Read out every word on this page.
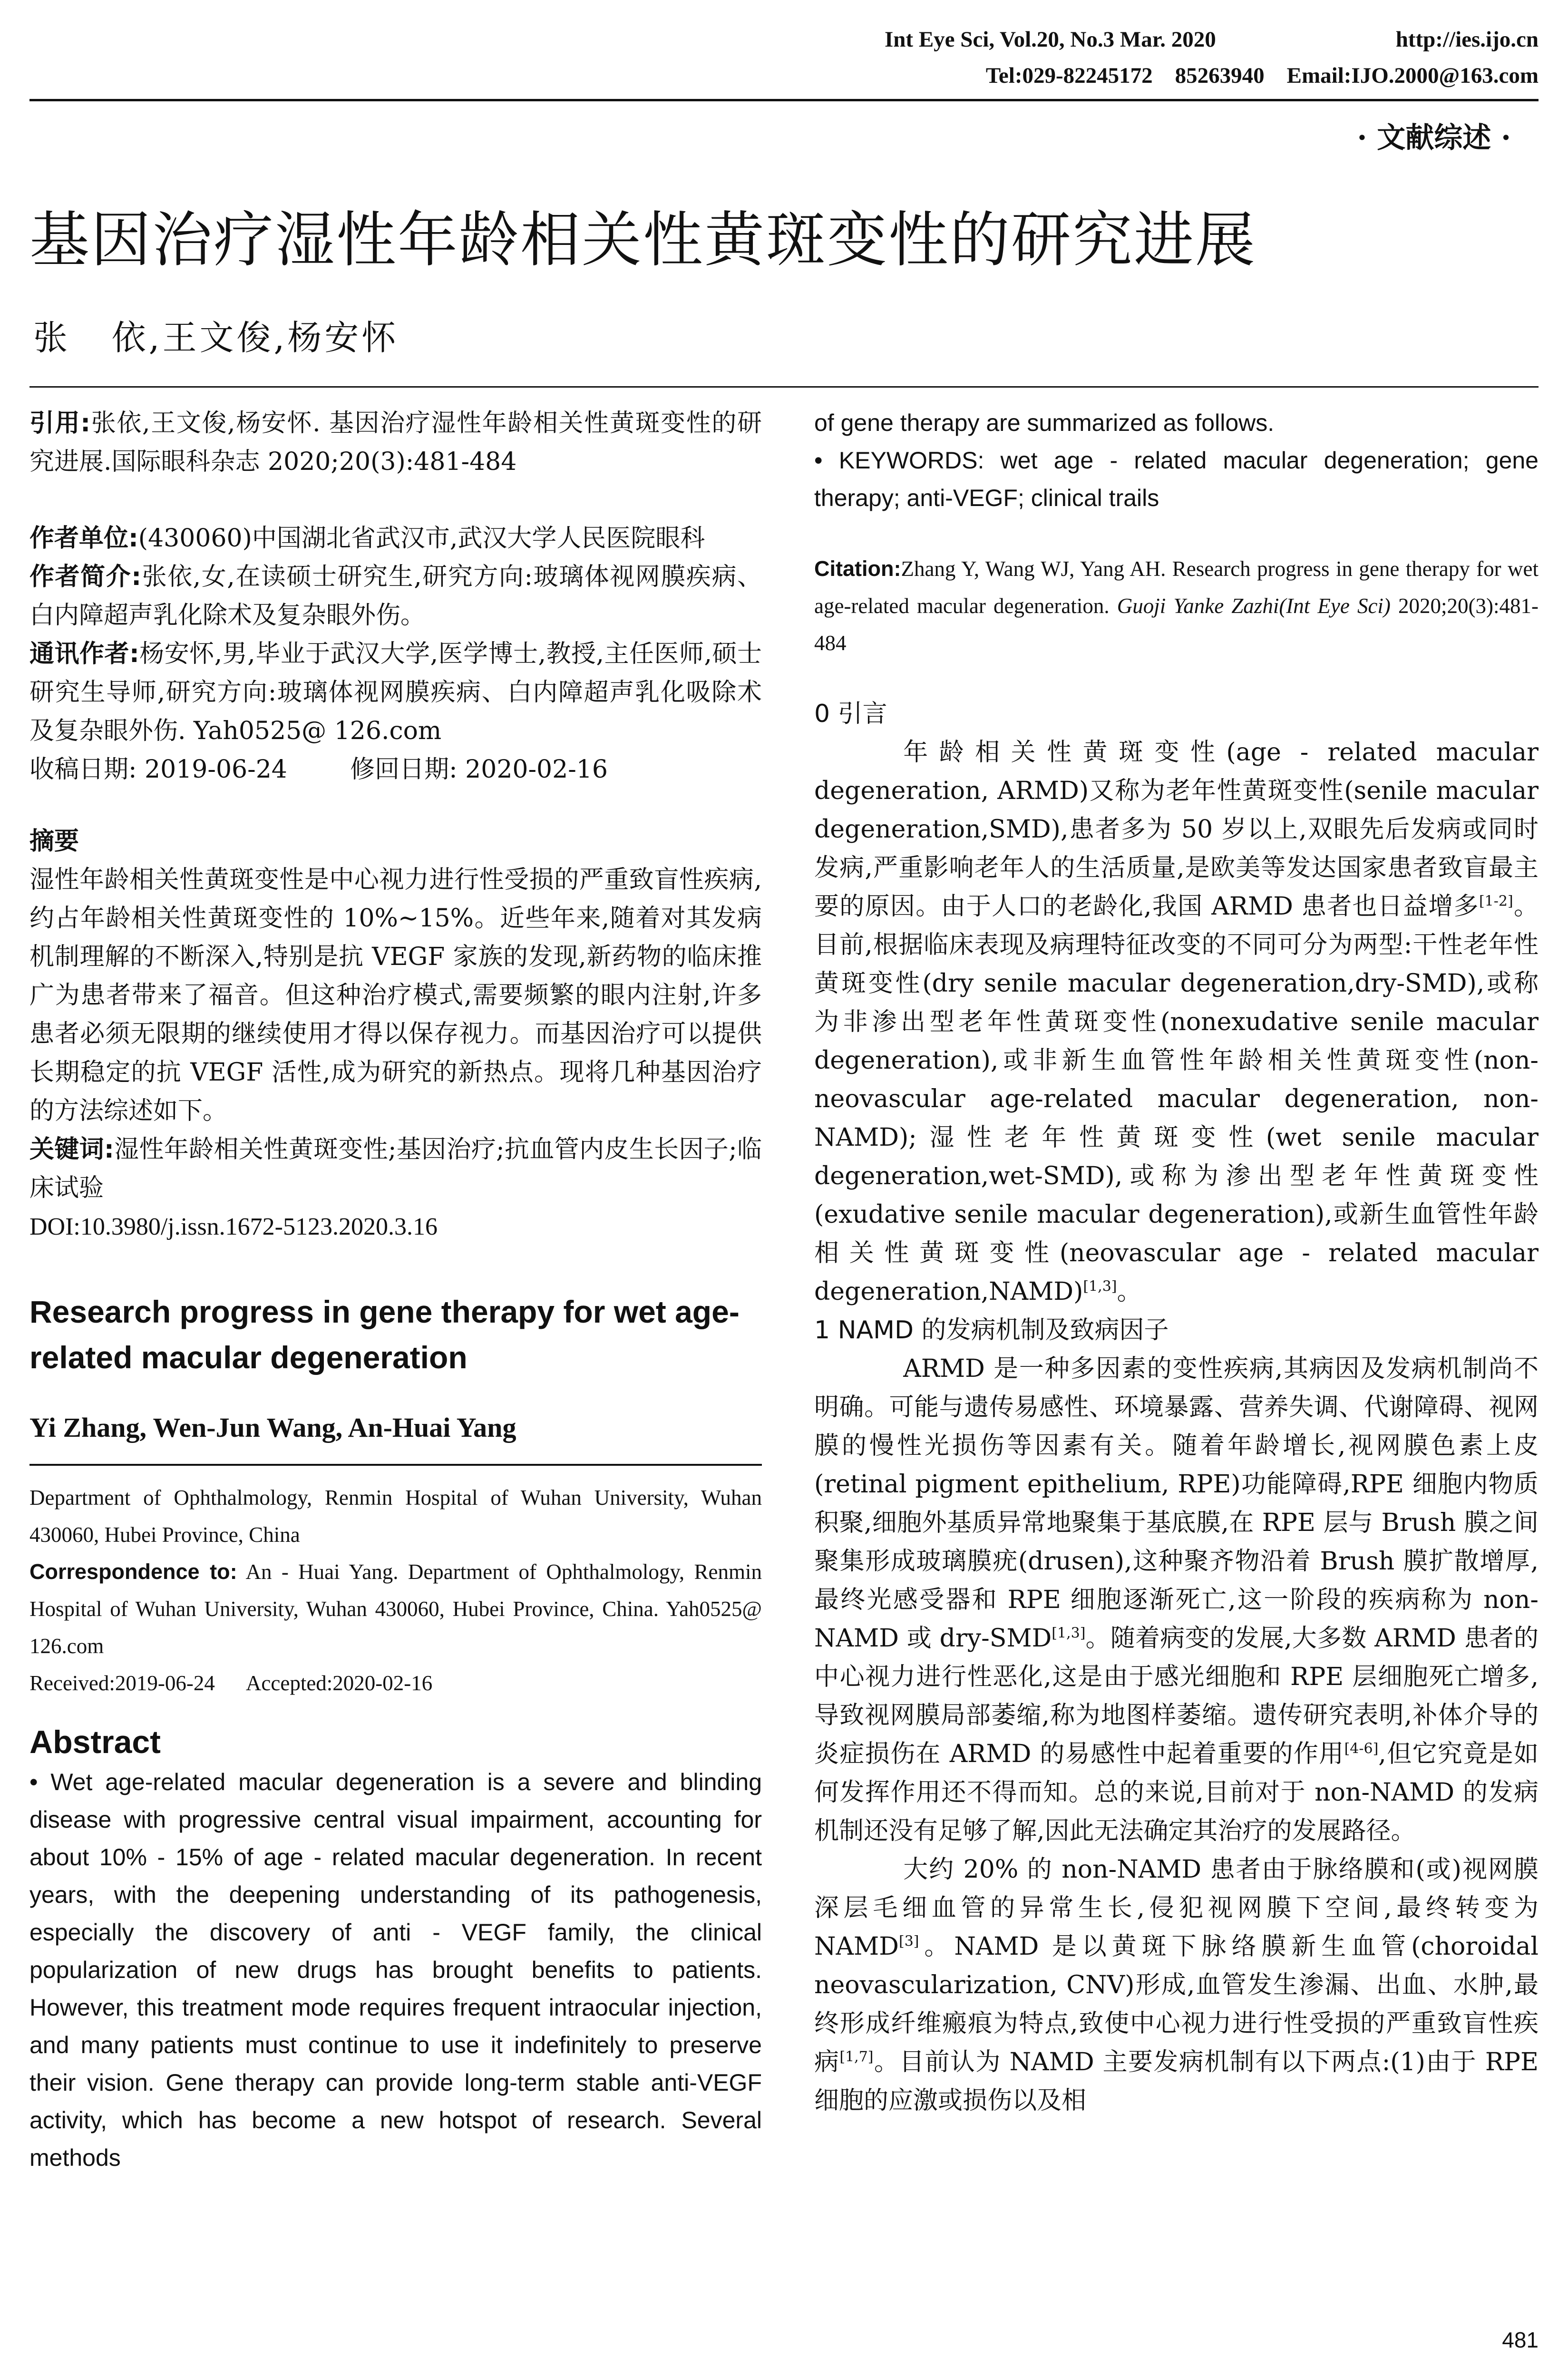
Int Eye Sci, Vol.20, No.3 Mar. 2020	http://ies.ijo.cn
Tel:029-82245172    85263940    Email:IJO.2000@163.com
· 文献综述 ·
基因治疗湿性年龄相关性黄斑变性的研究进展
张   依,王文俊,杨安怀

引用:张依,王文俊,杨安怀. 基因治疗湿性年龄相关性黄斑变性的研究进展.国际眼科杂志 2020;20(3):481-484

作者单位:(430060)中国湖北省武汉市,武汉大学人民医院眼科

作者简介:张依,女,在读硕士研究生,研究方向:玻璃体视网膜疾病、白内障超声乳化除术及复杂眼外伤。

通讯作者:杨安怀,男,毕业于武汉大学,医学博士,教授,主任医师,硕士研究生导师,研究方向:玻璃体视网膜疾病、白内障超声乳化吸除术及复杂眼外伤. Yah0525@ 126.com

收稿日期: 2019-06-24        修回日期: 2020-02-16

摘要

湿性年龄相关性黄斑变性是中心视力进行性受损的严重致盲性疾病,约占年龄相关性黄斑变性的 10%~15%。近些年来,随着对其发病机制理解的不断深入,特别是抗 VEGF 家族的发现,新药物的临床推广为患者带来了福音。但这种治疗模式,需要频繁的眼内注射,许多患者必须无限期的继续使用才得以保存视力。而基因治疗可以提供长期稳定的抗 VEGF 活性,成为研究的新热点。现将几种基因治疗的方法综述如下。

关键词:湿性年龄相关性黄斑变性;基因治疗;抗血管内皮生长因子;临床试验

DOI:10.3980/j.issn.1672-5123.2020.3.16

Research progress in gene therapy for wet age-related macular degeneration

Yi Zhang, Wen-Jun Wang, An-Huai Yang

Department of Ophthalmology, Renmin Hospital of Wuhan University, Wuhan 430060, Hubei Province, China

Correspondence to: An - Huai Yang. Department of Ophthalmology, Renmin Hospital of Wuhan University, Wuhan 430060, Hubei Province, China. Yah0525@ 126.com

Received:2019-06-24      Accepted:2020-02-16

Abstract

• Wet age-related macular degeneration is a severe and blinding disease with progressive central visual impairment, accounting for about 10% - 15% of age - related macular degeneration. In recent years, with the deepening understanding of its pathogenesis, especially the discovery of anti - VEGF family, the clinical popularization of new drugs has brought benefits to patients. However, this treatment mode requires frequent intraocular injection, and many patients must continue to use it indefinitely to preserve their vision. Gene therapy can provide long-term stable anti-VEGF activity, which has become a new hotspot of research. Several methods

of gene therapy are summarized as follows.

• KEYWORDS: wet age - related macular degeneration; gene therapy; anti-VEGF; clinical trails

Citation:Zhang Y, Wang WJ, Yang AH. Research progress in gene therapy for wet age-related macular degeneration. Guoji Yanke Zazhi(Int Eye Sci) 2020;20(3):481-484

0 引言

年龄相关性黄斑变性(age - related macular degeneration, ARMD)又称为老年性黄斑变性(senile macular degeneration,SMD),患者多为 50 岁以上,双眼先后发病或同时发病,严重影响老年人的生活质量,是欧美等发达国家患者致盲最主要的原因。由于人口的老龄化,我国 ARMD 患者也日益增多[1-2]。目前,根据临床表现及病理特征改变的不同可分为两型:干性老年性黄斑变性(dry senile macular degeneration,dry-SMD),或称为非渗出型老年性黄斑变性(nonexudative senile macular degeneration),或非新生血管性年龄相关性黄斑变性(non-neovascular age-related macular degeneration, non-NAMD);湿性老年性黄斑变性(wet senile macular degeneration,wet-SMD),或称为渗出型老年性黄斑变性(exudative senile macular degeneration),或新生血管性年龄相关性黄斑变性(neovascular age - related macular degeneration,NAMD)[1,3]。

1 NAMD 的发病机制及致病因子

ARMD 是一种多因素的变性疾病,其病因及发病机制尚不明确。可能与遗传易感性、环境暴露、营养失调、代谢障碍、视网膜的慢性光损伤等因素有关。随着年龄增长,视网膜色素上皮(retinal pigment epithelium, RPE)功能障碍,RPE 细胞内物质积聚,细胞外基质异常地聚集于基底膜,在 RPE 层与 Brush 膜之间聚集形成玻璃膜疣(drusen),这种聚齐物沿着 Brush 膜扩散增厚,最终光感受器和 RPE 细胞逐渐死亡,这一阶段的疾病称为 non-NAMD 或 dry-SMD[1,3]。随着病变的发展,大多数 ARMD 患者的中心视力进行性恶化,这是由于感光细胞和 RPE 层细胞死亡增多,导致视网膜局部萎缩,称为地图样萎缩。遗传研究表明,补体介导的炎症损伤在 ARMD 的易感性中起着重要的作用[4-6],但它究竟是如何发挥作用还不得而知。总的来说,目前对于 non-NAMD 的发病机制还没有足够了解,因此无法确定其治疗的发展路径。

大约 20% 的 non-NAMD 患者由于脉络膜和(或)视网膜深层毛细血管的异常生长,侵犯视网膜下空间,最终转变为 NAMD[3]。NAMD 是以黄斑下脉络膜新生血管(choroidal neovascularization, CNV)形成,血管发生渗漏、出血、水肿,最终形成纤维瘢痕为特点,致使中心视力进行性受损的严重致盲性疾病[1,7]。目前认为 NAMD 主要发病机制有以下两点:(1)由于 RPE 细胞的应激或损伤以及相

481
